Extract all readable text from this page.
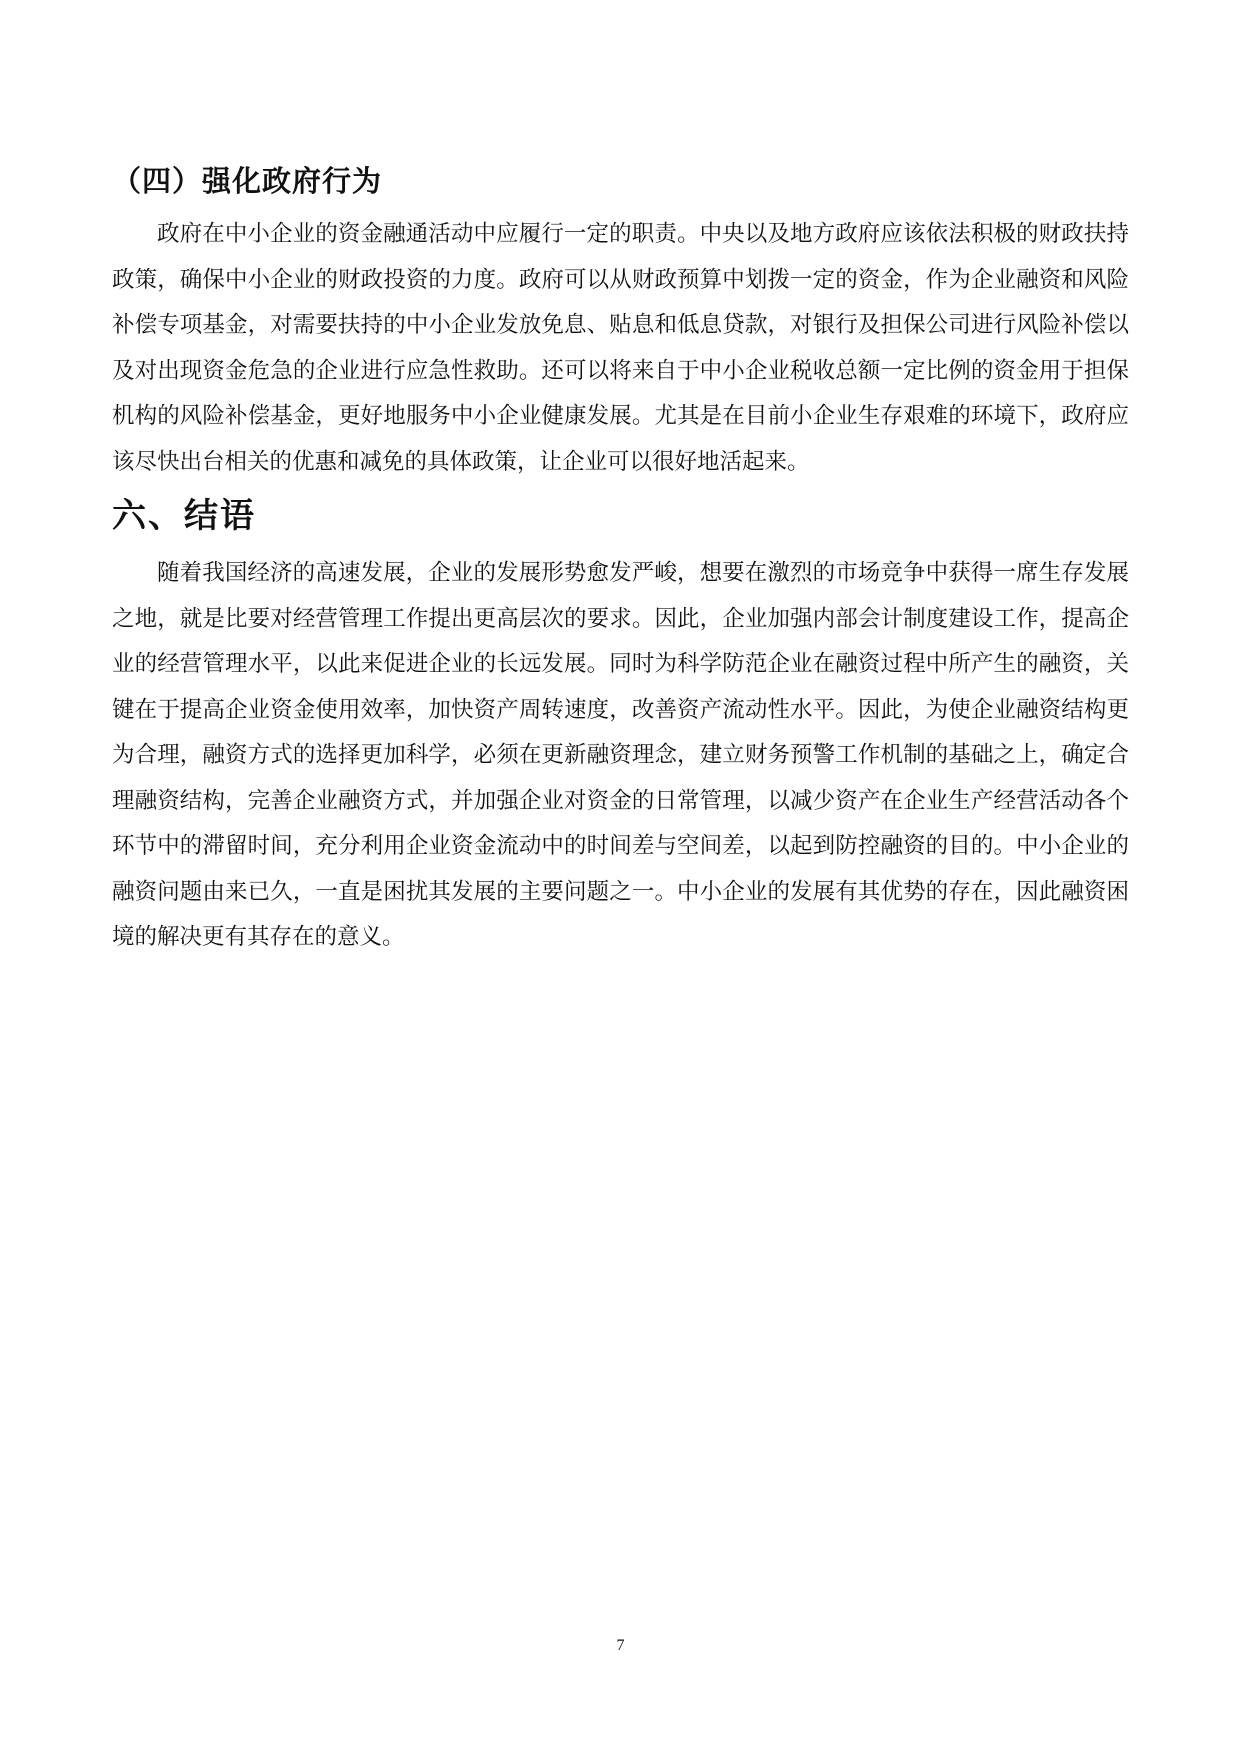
（四）强化政府行为

政府在中小企业的资金融通活动中应履行一定的职责。中央以及地方政府应该依法积极的财政扶持政策，确保中小企业的财政投资的力度。政府可以从财政预算中划拨一定的资金，作为企业融资和风险补偿专项基金，对需要扶持的中小企业发放免息、贴息和低息贷款，对银行及担保公司进行风险补偿以及对出现资金危急的企业进行应急性救助。还可以将来自于中小企业税收总额一定比例的资金用于担保机构的风险补偿基金，更好地服务中小企业健康发展。尤其是在目前小企业生存艰难的环境下，政府应该尽快出台相关的优惠和减免的具体政策，让企业可以很好地活起来。

六、结语

随着我国经济的高速发展，企业的发展形势愈发严峻，想要在激烈的市场竞争中获得一席生存发展之地，就是比要对经营管理工作提出更高层次的要求。因此，企业加强内部会计制度建设工作，提高企业的经营管理水平，以此来促进企业的长远发展。同时为科学防范企业在融资过程中所产生的融资，关键在于提高企业资金使用效率，加快资产周转速度，改善资产流动性水平。因此，为使企业融资结构更为合理，融资方式的选择更加科学，必须在更新融资理念，建立财务预警工作机制的基础之上，确定合理融资结构，完善企业融资方式，并加强企业对资金的日常管理，以减少资产在企业生产经营活动各个环节中的滞留时间，充分利用企业资金流动中的时间差与空间差，以起到防控融资的目的。中小企业的融资问题由来已久，一直是困扰其发展的主要问题之一。中小企业的发展有其优势的存在，因此融资困境的解决更有其存在的意义。

7
